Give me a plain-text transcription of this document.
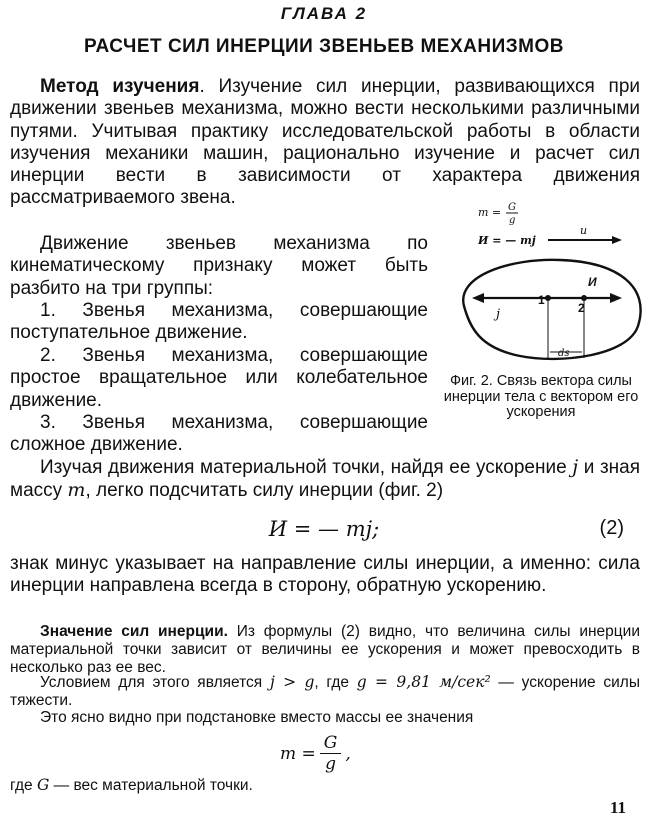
ГЛАВА 2
РАСЧЕТ СИЛ ИНЕРЦИИ ЗВЕНЬЕВ МЕХАНИЗМОВ
Метод изучения. Изучение сил инерции, развивающихся при движении звеньев механизма, можно вести несколькими различными путями. Учитывая практику исследовательской работы в области изучения механики машин, рационально изучение и расчет сил инерции вести в зависимости от характера движения рассматриваемого звена.
Движение звеньев механизма по кинематическому признаку может быть разбито на три группы:
1. Звенья механизма, совершающие поступательное движение.
2. Звенья механизма, совершающие простое вращательное или колебательное движение.
3. Звенья механизма, совершающие сложное движение.
Изучая движения материальной точки, найдя ее ускорение j и зная массу m, легко подсчитать силу инерции (фиг. 2)
И = — mj;	(2)
знак минус указывает на направление силы инерции, а именно: сила инерции направлена всегда в сторону, обратную ускорению.
Значение сил инерции. Из формулы (2) видно, что величина силы инерции материальной точки зависит от величины ее ускорения и может превосходить в несколько раз ее вес.
Условием для этого является j > g, где g = 9,81 м/сек² — ускорение силы тяжести.
Это ясно видно при подстановке вместо массы ее значения
$m = \frac{G}{g}$ ,
где G — вес материальной точки.
11
m = G
g
И = — mj
u
j
1
2
И
ds
Фиг. 2. Связь вектора силы инерции тела с вектором его ускорения
